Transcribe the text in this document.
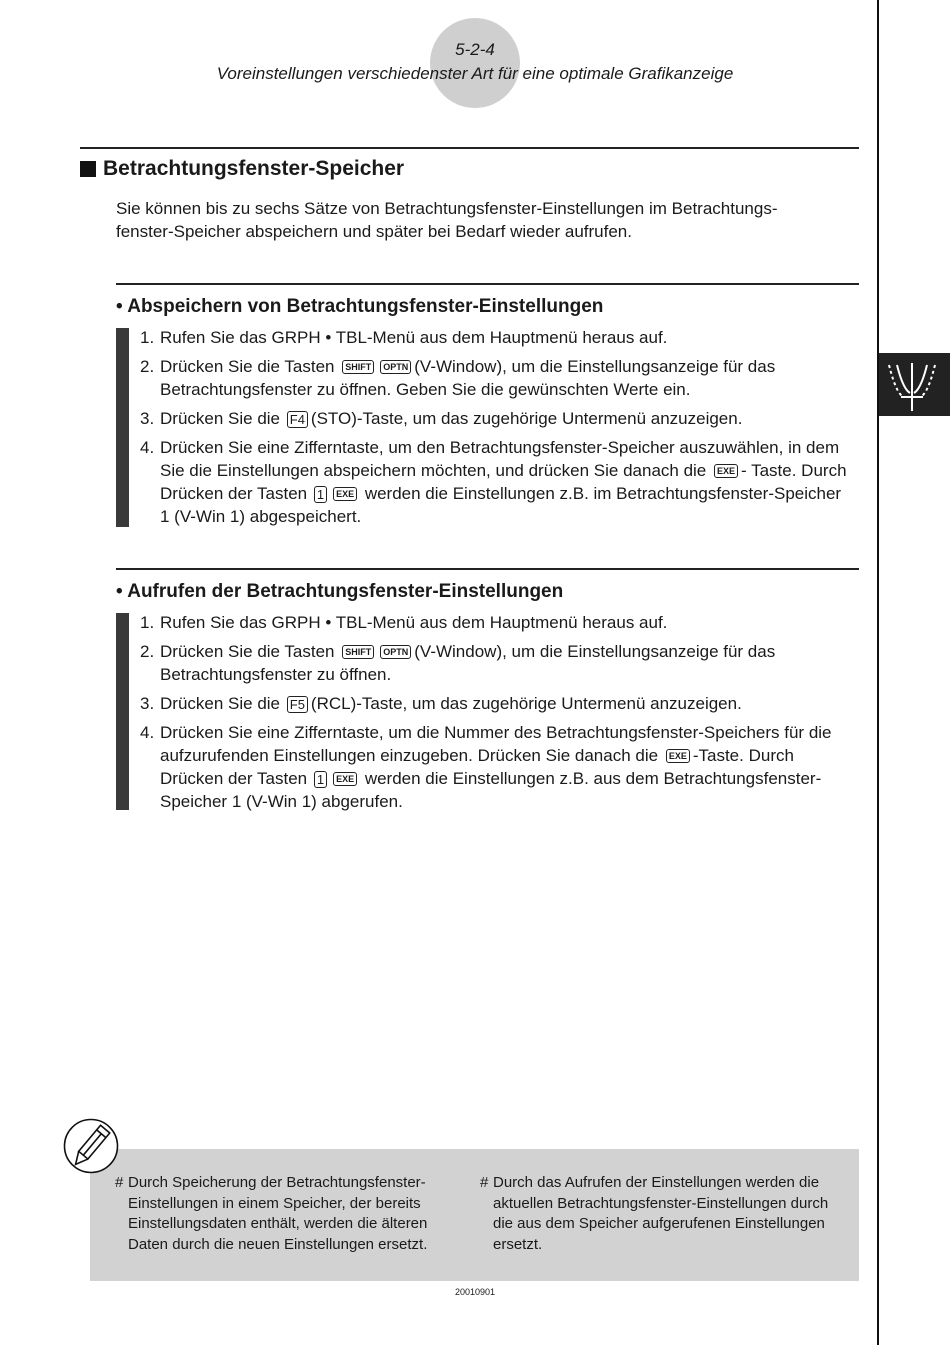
5-2-4
Voreinstellungen verschiedenster Art für eine optimale Grafikanzeige
Betrachtungsfenster-Speicher
Sie können bis zu sechs Sätze von Betrachtungsfenster-Einstellungen im Betrachtungs- fenster-Speicher abspeichern und später bei Bedarf wieder aufrufen.
• Abspeichern von Betrachtungsfenster-Einstellungen
1. Rufen Sie das GRPH • TBL-Menü aus dem Hauptmenü heraus auf.
2. Drücken Sie die Tasten SHIFT OPTN (V-Window), um die Einstellungsanzeige für das Betrachtungsfenster zu öffnen. Geben Sie die gewünschten Werte ein.
3. Drücken Sie die F4 (STO)-Taste, um das zugehörige Untermenü anzuzeigen.
4. Drücken Sie eine Zifferntaste, um den Betrachtungsfenster-Speicher auszuwählen, in dem Sie die Einstellungen abspeichern möchten, und drücken Sie danach die EXE - Taste. Durch Drücken der Tasten 1 EXE werden die Einstellungen z.B. im Betrachtungsfenster-Speicher 1 (V-Win 1) abgespeichert.
• Aufrufen der Betrachtungsfenster-Einstellungen
1. Rufen Sie das GRPH • TBL-Menü aus dem Hauptmenü heraus auf.
2. Drücken Sie die Tasten SHIFT OPTN (V-Window), um die Einstellungsanzeige für das Betrachtungsfenster zu öffnen.
3. Drücken Sie die F5 (RCL)-Taste, um das zugehörige Untermenü anzuzeigen.
4. Drücken Sie eine Zifferntaste, um die Nummer des Betrachtungsfenster-Speichers für die aufzurufenden Einstellungen einzugeben. Drücken Sie danach die EXE -Taste. Durch Drücken der Tasten 1 EXE werden die Einstellungen z.B. aus dem Betrachtungsfenster-Speicher 1 (V-Win 1) abgerufen.
# Durch Speicherung der Betrachtungsfenster-Einstellungen in einem Speicher, der bereits Einstellungsdaten enthält, werden die älteren Daten durch die neuen Einstellungen ersetzt.
# Durch das Aufrufen der Einstellungen werden die aktuellen Betrachtungsfenster-Einstellungen durch die aus dem Speicher aufgerufenen Einstellungen ersetzt.
20010901
